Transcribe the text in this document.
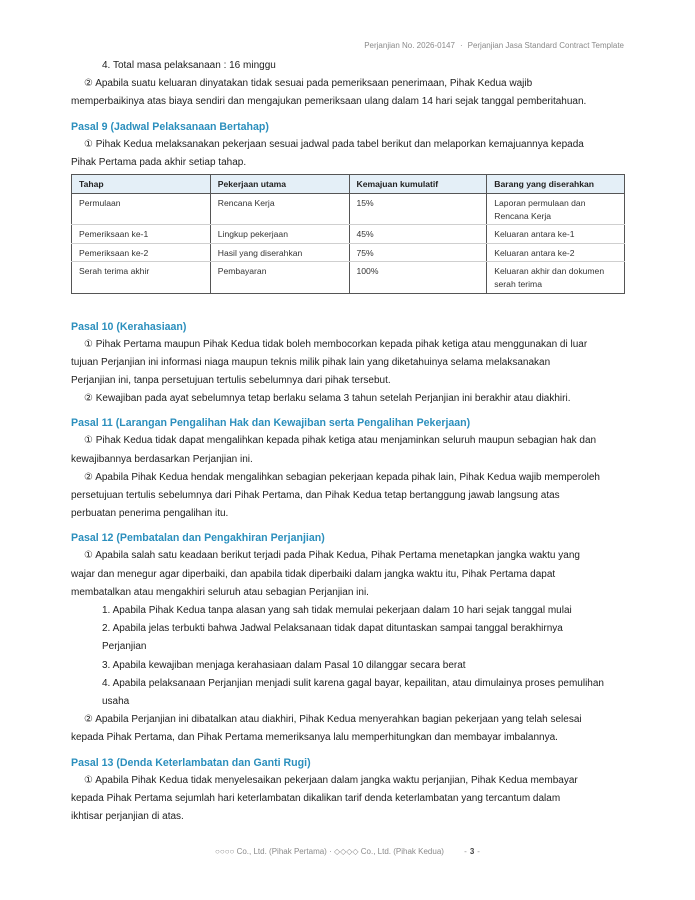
Perjanjian No. 2026-0147 · Perjanjian Jasa Standard Contract Template

4. Total masa pelaksanaan : 16 minggu

② Apabila suatu keluaran dinyatakan tidak sesuai pada pemeriksaan penerimaan, Pihak Kedua wajib

memperbaikinya atas biaya sendiri dan mengajukan pemeriksaan ulang dalam 14 hari sejak tanggal pemberitahuan.

Pasal 9 (Jadwal Pelaksanaan Bertahap)

① Pihak Kedua melaksanakan pekerjaan sesuai jadwal pada tabel berikut dan melaporkan kemajuannya kepada

Pihak Pertama pada akhir setiap tahap.

Tahap	Pekerjaan utama	Kemajuan kumulatif	Barang yang diserahkan
Permulaan	Rencana Kerja	15%	Laporan permulaan dan Rencana Kerja
Pemeriksaan ke-1	Lingkup pekerjaan	45%	Keluaran antara ke-1
Pemeriksaan ke-2	Hasil yang diserahkan	75%	Keluaran antara ke-2
Serah terima akhir	Pembayaran	100%	Keluaran akhir dan dokumen serah terima

Pasal 10 (Kerahasiaan)

① Pihak Pertama maupun Pihak Kedua tidak boleh membocorkan kepada pihak ketiga atau menggunakan di luar

tujuan Perjanjian ini informasi niaga maupun teknis milik pihak lain yang diketahuinya selama melaksanakan

Perjanjian ini, tanpa persetujuan tertulis sebelumnya dari pihak tersebut.

② Kewajiban pada ayat sebelumnya tetap berlaku selama 3 tahun setelah Perjanjian ini berakhir atau diakhiri.

Pasal 11 (Larangan Pengalihan Hak dan Kewajiban serta Pengalihan Pekerjaan)

① Pihak Kedua tidak dapat mengalihkan kepada pihak ketiga atau menjaminkan seluruh maupun sebagian hak dan

kewajibannya berdasarkan Perjanjian ini.

② Apabila Pihak Kedua hendak mengalihkan sebagian pekerjaan kepada pihak lain, Pihak Kedua wajib memperoleh

persetujuan tertulis sebelumnya dari Pihak Pertama, dan Pihak Kedua tetap bertanggung jawab langsung atas

perbuatan penerima pengalihan itu.

Pasal 12 (Pembatalan dan Pengakhiran Perjanjian)

① Apabila salah satu keadaan berikut terjadi pada Pihak Kedua, Pihak Pertama menetapkan jangka waktu yang

wajar dan menegur agar diperbaiki, dan apabila tidak diperbaiki dalam jangka waktu itu, Pihak Pertama dapat

membatalkan atau mengakhiri seluruh atau sebagian Perjanjian ini.

1. Apabila Pihak Kedua tanpa alasan yang sah tidak memulai pekerjaan dalam 10 hari sejak tanggal mulai

2. Apabila jelas terbukti bahwa Jadwal Pelaksanaan tidak dapat dituntaskan sampai tanggal berakhirnya

Perjanjian

3. Apabila kewajiban menjaga kerahasiaan dalam Pasal 10 dilanggar secara berat

4. Apabila pelaksanaan Perjanjian menjadi sulit karena gagal bayar, kepailitan, atau dimulainya proses pemulihan

usaha

② Apabila Perjanjian ini dibatalkan atau diakhiri, Pihak Kedua menyerahkan bagian pekerjaan yang telah selesai

kepada Pihak Pertama, dan Pihak Pertama memeriksanya lalu memperhitungkan dan membayar imbalannya.

Pasal 13 (Denda Keterlambatan dan Ganti Rugi)

① Apabila Pihak Kedua tidak menyelesaikan pekerjaan dalam jangka waktu perjanjian, Pihak Kedua membayar

kepada Pihak Pertama sejumlah hari keterlambatan dikalikan tarif denda keterlambatan yang tercantum dalam

ikhtisar perjanjian di atas.

○○○○ Co., Ltd. (Pihak Pertama) · ◇◇◇◇ Co., Ltd. (Pihak Kedua)	- 3 -
